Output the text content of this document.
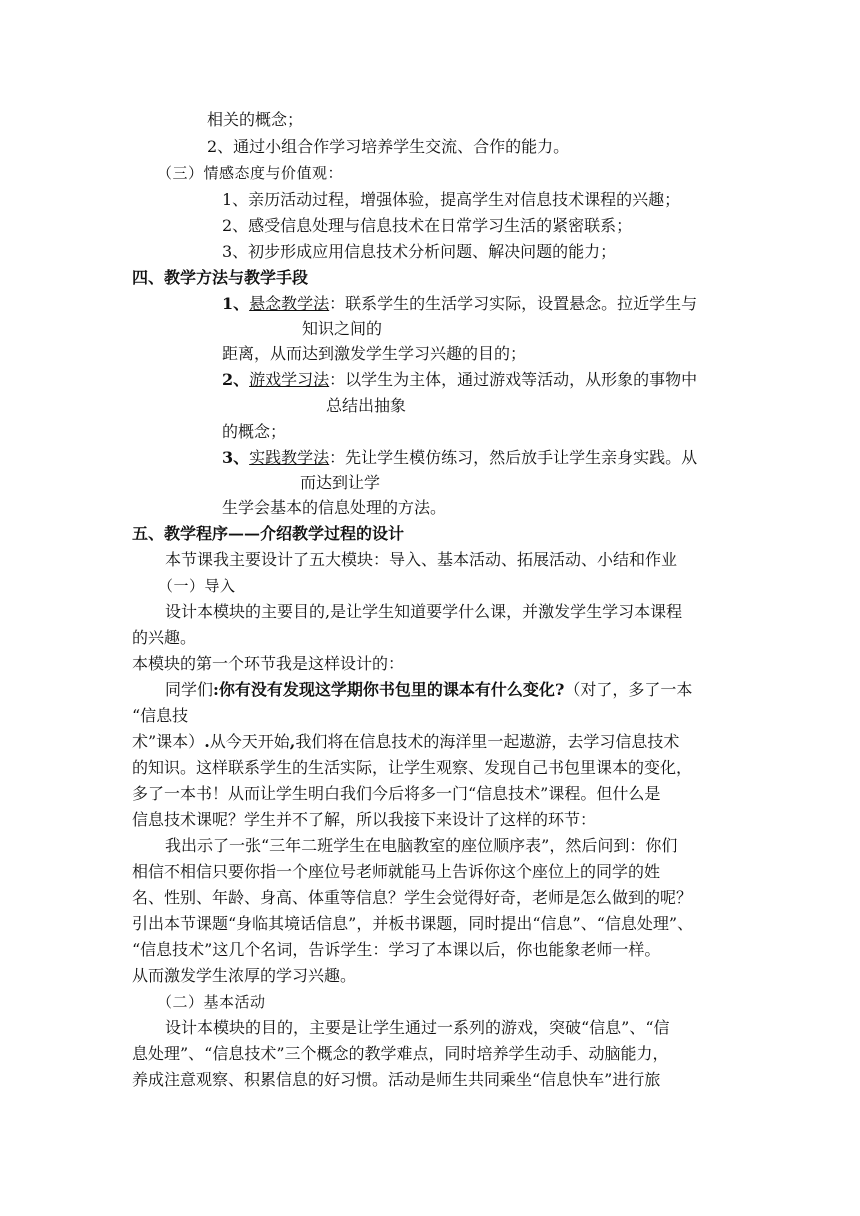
相关的概念；
2、通过小组合作学习培养学生交流、合作的能力。
（三）情感态度与价值观：
1、亲历活动过程，增强体验，提高学生对信息技术课程的兴趣；
2、感受信息处理与信息技术在日常学习生活的紧密联系；
3、初步形成应用信息技术分析问题、解决问题的能力；
四、教学方法与教学手段
1、悬念教学法：联系学生的生活学习实际，设置悬念。拉近学生与
知识之间的
距离，从而达到激发学生学习兴趣的目的；
2、游戏学习法：以学生为主体，通过游戏等活动，从形象的事物中
总结出抽象
的概念；
3、实践教学法：先让学生模仿练习，然后放手让学生亲身实践。从
而达到让学
生学会基本的信息处理的方法。
五、教学程序——介绍教学过程的设计
本节课我主要设计了五大模块：导入、基本活动、拓展活动、小结和作业
（一）导入
设计本模块的主要目的,是让学生知道要学什么课，并激发学生学习本课程
的兴趣。
本模块的第一个环节我是这样设计的：
同学们:你有没有发现这学期你书包里的课本有什么变化?（对了，多了一本
“信息技
术”课本）.从今天开始,我们将在信息技术的海洋里一起遨游，去学习信息技术
的知识。这样联系学生的生活实际，让学生观察、发现自己书包里课本的变化，
多了一本书！从而让学生明白我们今后将多一门“信息技术”课程。但什么是
信息技术课呢？学生并不了解，所以我接下来设计了这样的环节：
我出示了一张“三年二班学生在电脑教室的座位顺序表”，然后问到：你们
相信不相信只要你指一个座位号老师就能马上告诉你这个座位上的同学的姓
名、性别、年龄、身高、体重等信息？学生会觉得好奇，老师是怎么做到的呢？
引出本节课题“身临其境话信息”，并板书课题，同时提出“信息”、“信息处理”、
“信息技术”这几个名词，告诉学生：学习了本课以后，你也能象老师一样。
从而激发学生浓厚的学习兴趣。
（二）基本活动
设计本模块的目的，主要是让学生通过一系列的游戏，突破“信息”、“信
息处理”、“信息技术”三个概念的教学难点，同时培养学生动手、动脑能力，
养成注意观察、积累信息的好习惯。活动是师生共同乘坐“信息快车”进行旅
